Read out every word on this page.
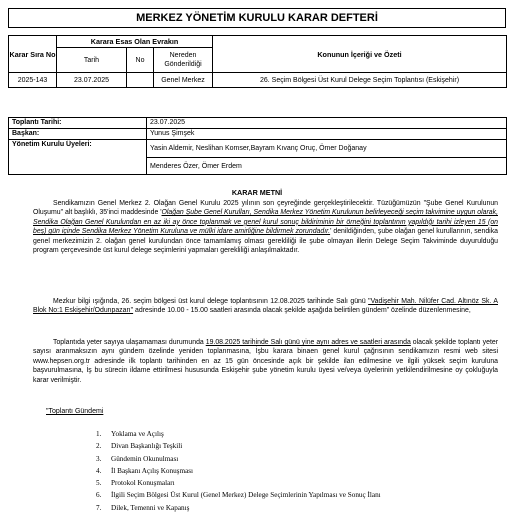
MERKEZ YÖNETİM KURULU KARAR DEFTERİ
Karar Sıra No	Karara Esas Olan Evrakın			Konunun İçeriği ve Özeti
	Tarih	No	Nereden Gönderildiği	
2025-143	23.07.2025		Genel Merkez	26. Seçim Bölgesi Üst Kurul Delege Seçim Toplantısı (Eskişehir)
Toplantı Tarihi:	23.07.2025
Başkan:	Yunus Şimşek
Yönetim Kurulu Üyeleri:	Yasin Aldemir, Neslihan Komser,Bayram Kıvanç Oruç, Ömer Doğanay
Menderes Özer, Ömer Erdem
KARAR METNİ
Sendikamızın Genel Merkez 2. Olağan Genel Kurulu 2025 yılının son çeyreğinde gerçekleştirilecektir. Tüzüğümüzün "Şube Genel Kurulunun Oluşumu" alt başlıklı, 35'inci maddesinde 'Olağan Şube Genel Kurulları, Sendika Merkez Yönetim Kurulunun belirleyeceği seçim takvimine uygun olarak, Sendika Olağan Genel Kurulundan en az iki ay önce toplanmak ve genel kurul sonuç bildiriminin bir örneğini toplantının yapıldığı tarihi izleyen 15 (on beş) gün içinde Sendika Merkez Yönetim Kuruluna ve mülki idare amirliğine bildirmek zorundadır.' denildiğinden, şube olağan genel kurullarının, sendika genel merkezimizin 2. olağan genel kurulundan önce tamamlamış olması gerekliliği ile şube olmayan illerin Delege Seçim Takviminde duyurulduğu program çerçevesinde üst kurul delege seçimlerini yapmaları gerekliliği anlaşılmaktadır.
Mezkur bilgi ışığında, 26. seçim bölgesi üst kurul delege toplantısının 12.08.2025 tarihinde Salı günü "Vadişehir Mah. Nilüfer Cad. Altınöz Sk. A Blok No:1 Eskişehir/Odunpazarı" adresinde 10.00 - 15.00 saatleri arasında olacak şekilde aşağıda belirtilen gündem" özelinde düzenlenmesine,
Toplantıda yeter sayıya ulaşamaması durumunda 19.08.2025 tarihinde Salı günü yine aynı adres ve saatleri arasında olacak şekilde toplantı yeter sayısı aranmaksızın aynı gündem özelinde yeniden toplanmasına, İşbu karara binaen genel kurul çağrısının sendikamızın resmi web sitesi www.hepsen.org.tr adresinde ilk toplantı tarihinden en az 15 gün öncesinde açık bir şekilde ilan edilmesine ve ilgili yüksek seçim kuruluna başvurulmasına, İş bu sürecin ildame ettirilmesi hususunda Eskişehir şube yönetim kurulu üyesi ve/veya üyelerinin yetkilendirilmesine oy çokluğuyla karar verilmiştir.
"Toplantı Gündemi
1. Yoklama ve Açılış
2. Divan Başkanlığı Teşkili
3. Gündemin Okunulması
4. İl Başkanı Açılış Konuşması
5. Protokol Konuşmaları
6. İlgili Seçim Bölgesi Üst Kurul (Genel Merkez) Delege Seçimlerinin Yapılması ve Sonuç İlanı
7. Dilek, Temenni ve Kapanış
